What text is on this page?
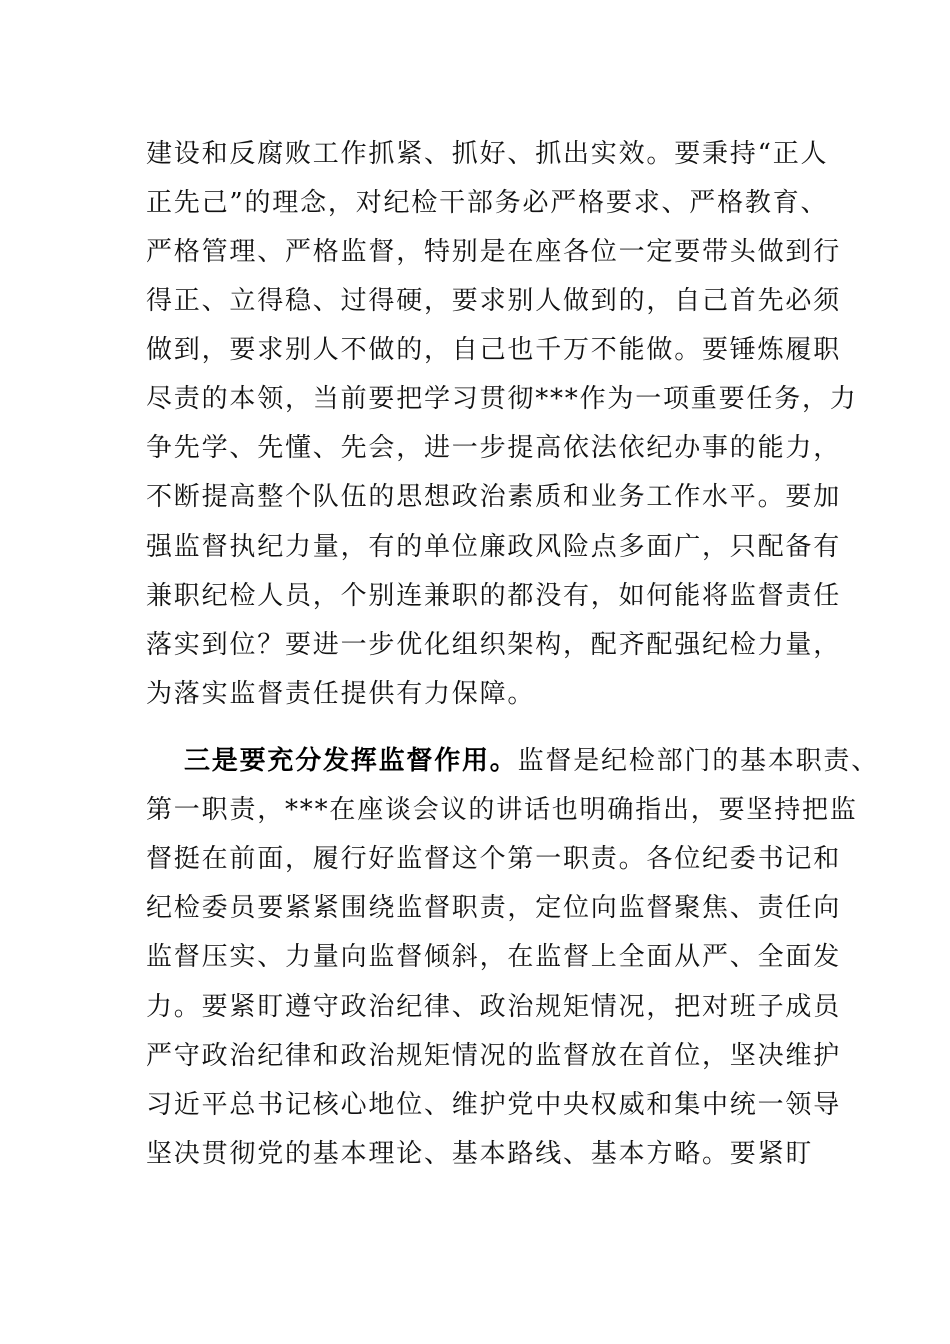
建设和反腐败工作抓紧、抓好、抓出实效。要秉持“正人
正先己”的理念，对纪检干部务必严格要求、严格教育、
严格管理、严格监督，特别是在座各位一定要带头做到行
得正、立得稳、过得硬，要求别人做到的，自己首先必须
做到，要求别人不做的，自己也千万不能做。要锤炼履职
尽责的本领，当前要把学习贯彻***作为一项重要任务，力
争先学、先懂、先会，进一步提高依法依纪办事的能力，
不断提高整个队伍的思想政治素质和业务工作水平。要加
强监督执纪力量，有的单位廉政风险点多面广，只配备有
兼职纪检人员，个别连兼职的都没有，如何能将监督责任
落实到位？要进一步优化组织架构，配齐配强纪检力量，
为落实监督责任提供有力保障。
三是要充分发挥监督作用。监督是纪检部门的基本职责、
第一职责，***在座谈会议的讲话也明确指出，要坚持把监
督挺在前面，履行好监督这个第一职责。各位纪委书记和
纪检委员要紧紧围绕监督职责，定位向监督聚焦、责任向
监督压实、力量向监督倾斜，在监督上全面从严、全面发
力。要紧盯遵守政治纪律、政治规矩情况，把对班子成员
严守政治纪律和政治规矩情况的监督放在首位，坚决维护
习近平总书记核心地位、维护党中央权威和集中统一领导
坚决贯彻党的基本理论、基本路线、基本方略。要紧盯
